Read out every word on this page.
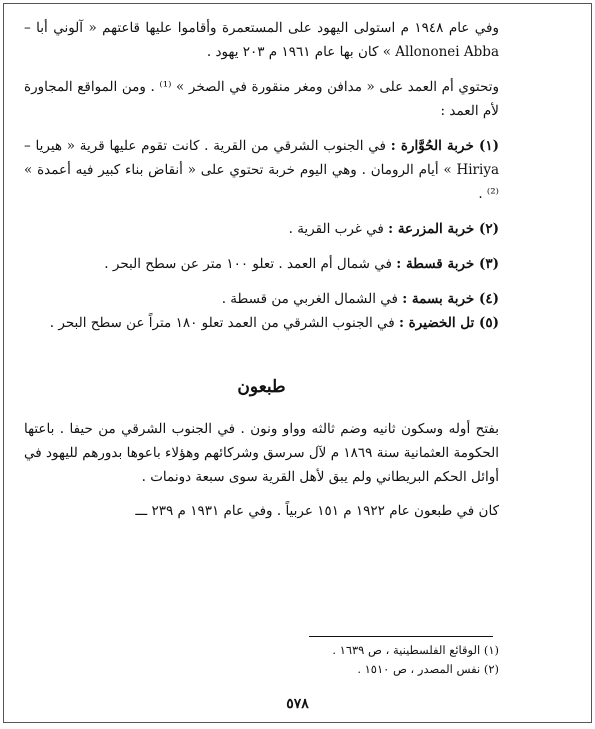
وفي عام ١٩٤٨ م استولى اليهود على المستعمرة وأقاموا عليها قاعتهم « آلوني أبا – Allononei Abba » كان بها عام ١٩٦١ م ٢٠٣ يهود .

وتحتوي أم العمد على « مدافن ومغر منقورة في الصخر » ⁽¹⁾ . ومن المواقع المجاورة لأم العمد :

(١) خربة الحُوَّارة : في الجنوب الشرقي من القرية . كانت تقوم عليها قرية « هيريا – Hiriya » أيام الرومان . وهي اليوم خربة تحتوي على « أنقاض بناء كبير فيه أعمدة » ⁽²⁾ .

(٢) خربة المزرعة : في غرب القرية .

(٣) خربة قسطة : في شمال أم العمد . تعلو ١٠٠ متر عن سطح البحر .

(٤) خربة بسمة : في الشمال الغربي من قسطة .

(٥) تل الخضيرة : في الجنوب الشرقي من العمد تعلو ١٨٠ متراً عن سطح البحر .

طبعون

بفتح أوله وسكون ثانيه وضم ثالثه وواو ونون . في الجنوب الشرقي من حيفا . باعتها الحكومة العثمانية سنة ١٨٦٩ م لآل سرسق وشركائهم وهؤلاء باعوها بدورهم لليهود في أوائل الحكم البريطاني ولم يبق لأهل القرية سوى سبعة دونمات .

كان في طبعون عام ١٩٢٢ م ١٥١ عربياً . وفي عام ١٩٣١ م ٢٣٩ ـــ

(١) الوقائع الفلسطينية ، ص ١٦٣٩ .
(٢) نفس المصدر ، ص ١٥١٠ .
٥٧٨
